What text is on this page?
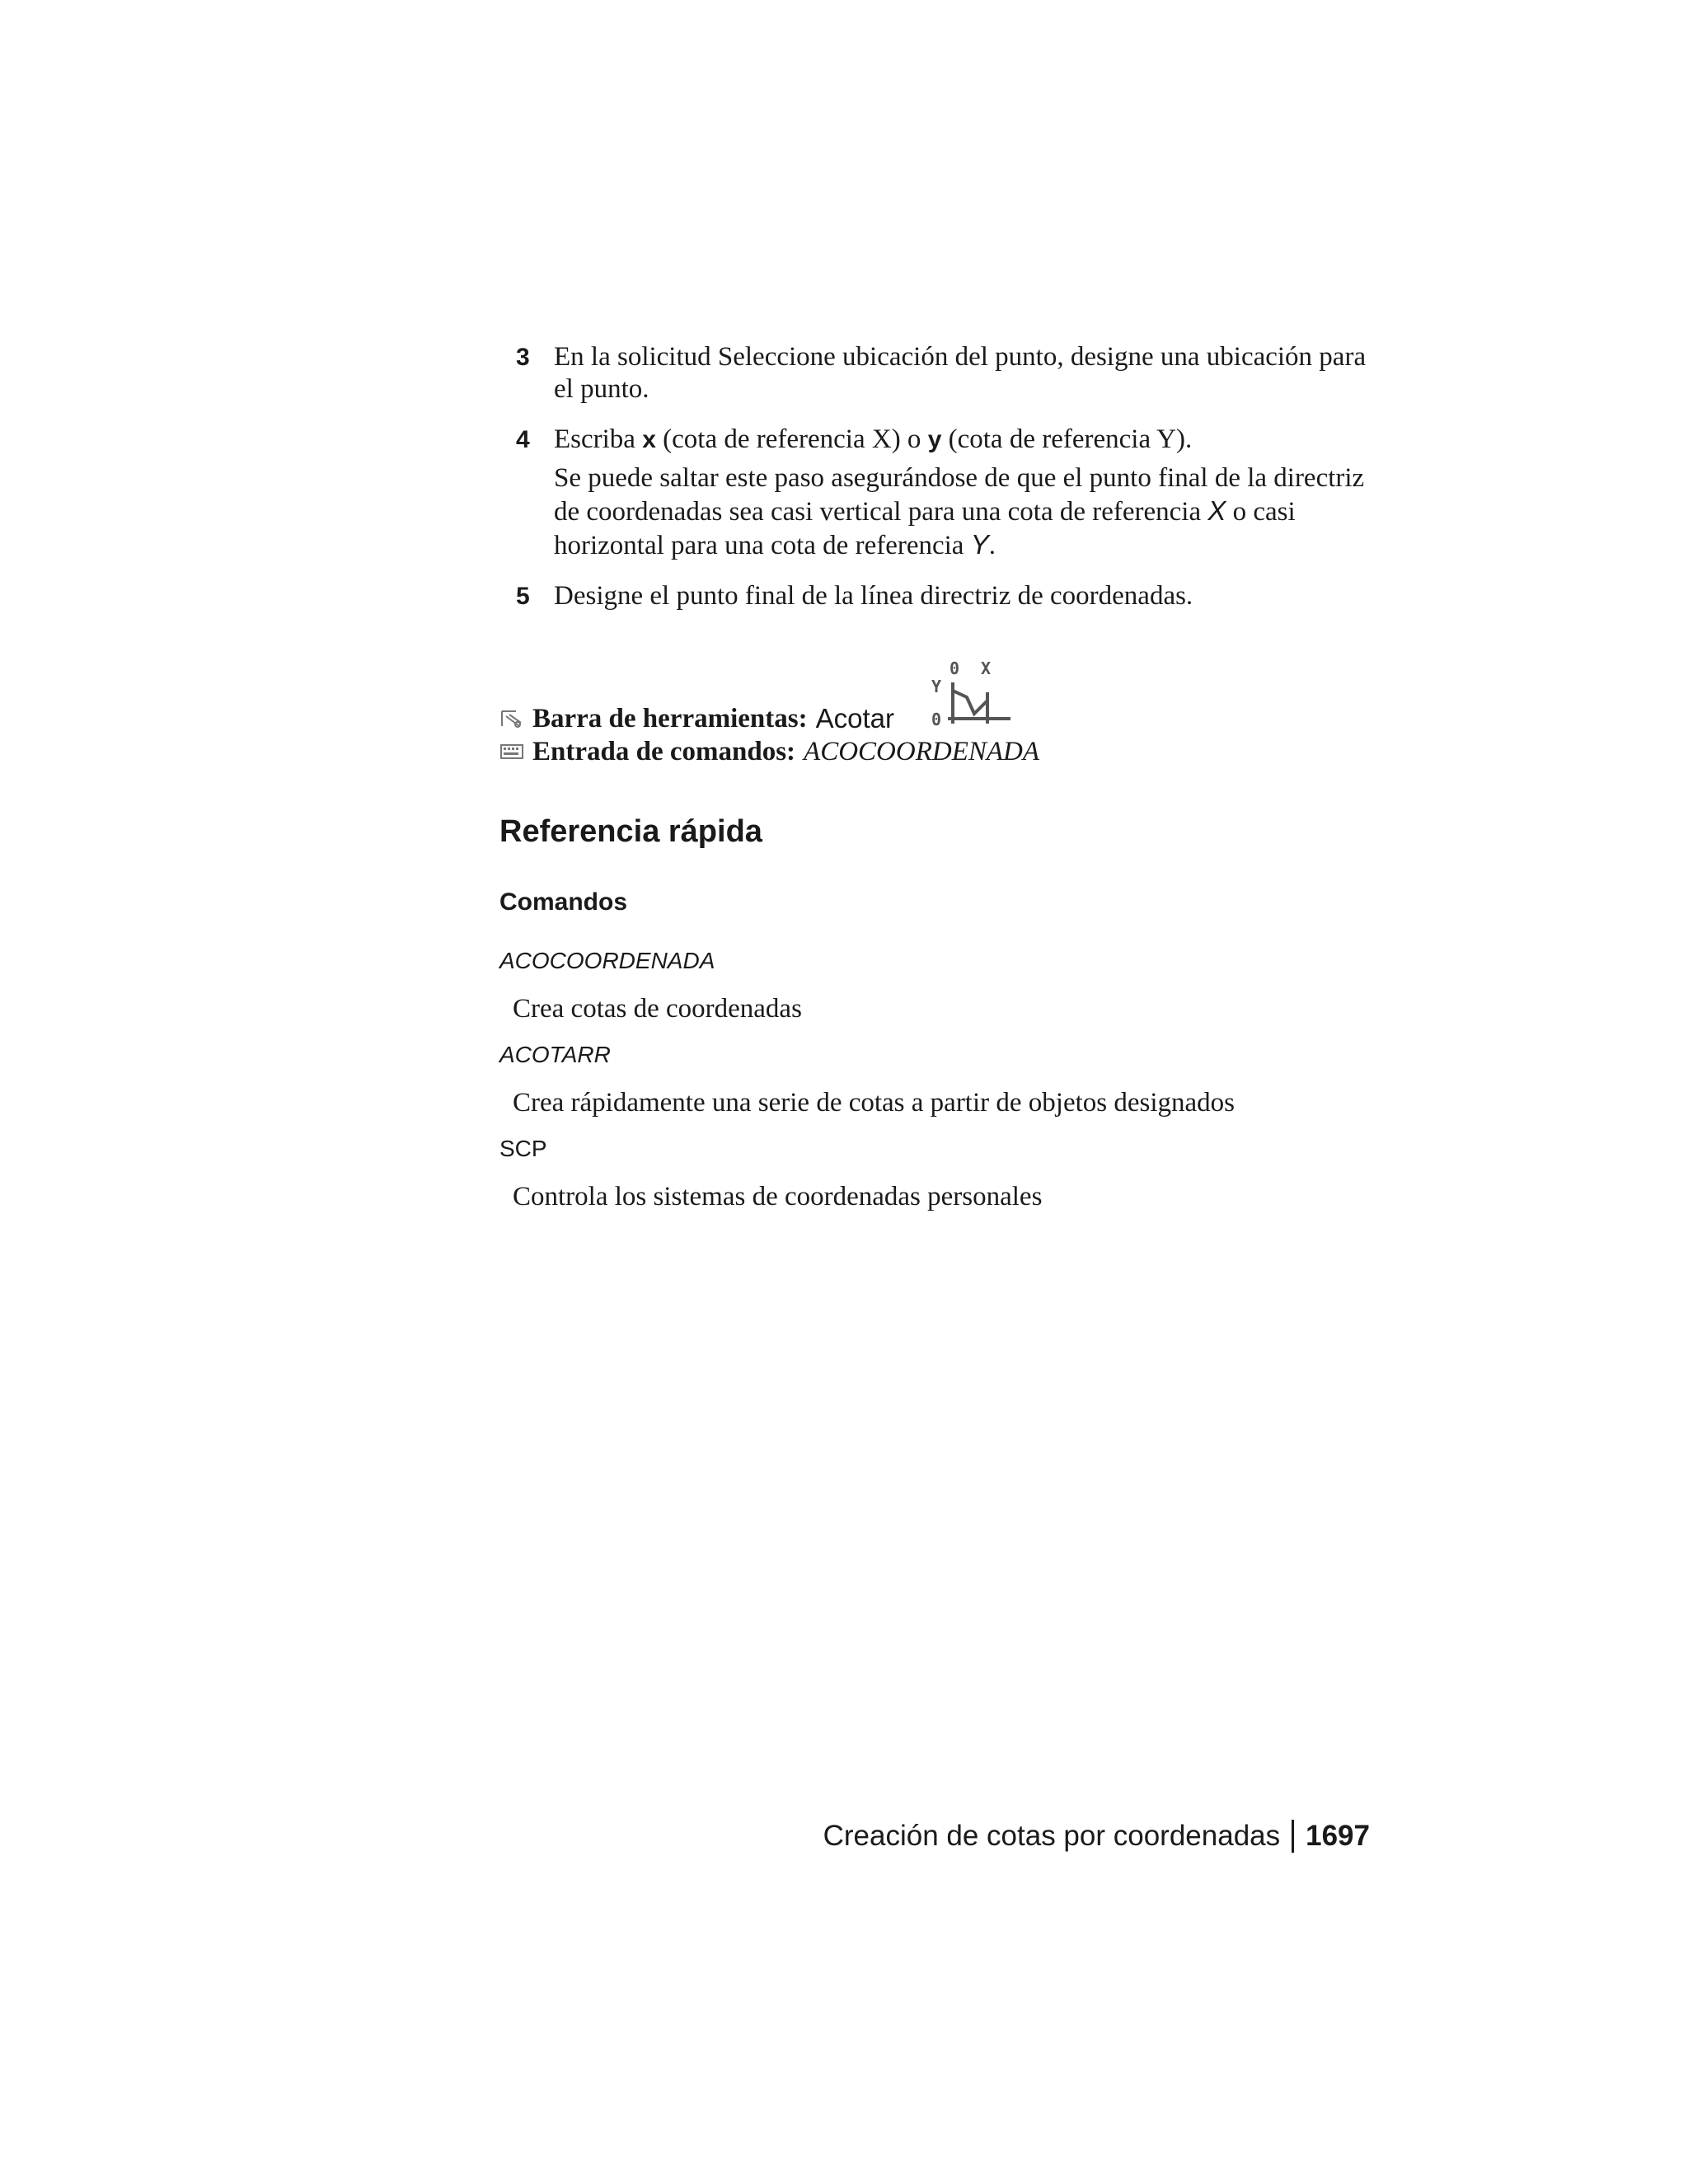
3 En la solicitud Seleccione ubicación del punto, designe una ubicación para el punto.

4 Escriba x (cota de referencia X) o y (cota de referencia Y).

Se puede saltar este paso asegurándose de que el punto final de la directriz de coordenadas sea casi vertical para una cota de referencia X o casi horizontal para una cota de referencia Y.

5 Designe el punto final de la línea directriz de coordenadas.

0 X
Y
0
Barra de herramientas: Acotar
Entrada de comandos: ACOCOORDENADA
Referencia rápida
Comandos

ACOCOORDENADA

Crea cotas de coordenadas

ACOTARR

Crea rápidamente una serie de cotas a partir de objetos designados

SCP

Controla los sistemas de coordenadas personales

Creación de cotas por coordenadas 1697
